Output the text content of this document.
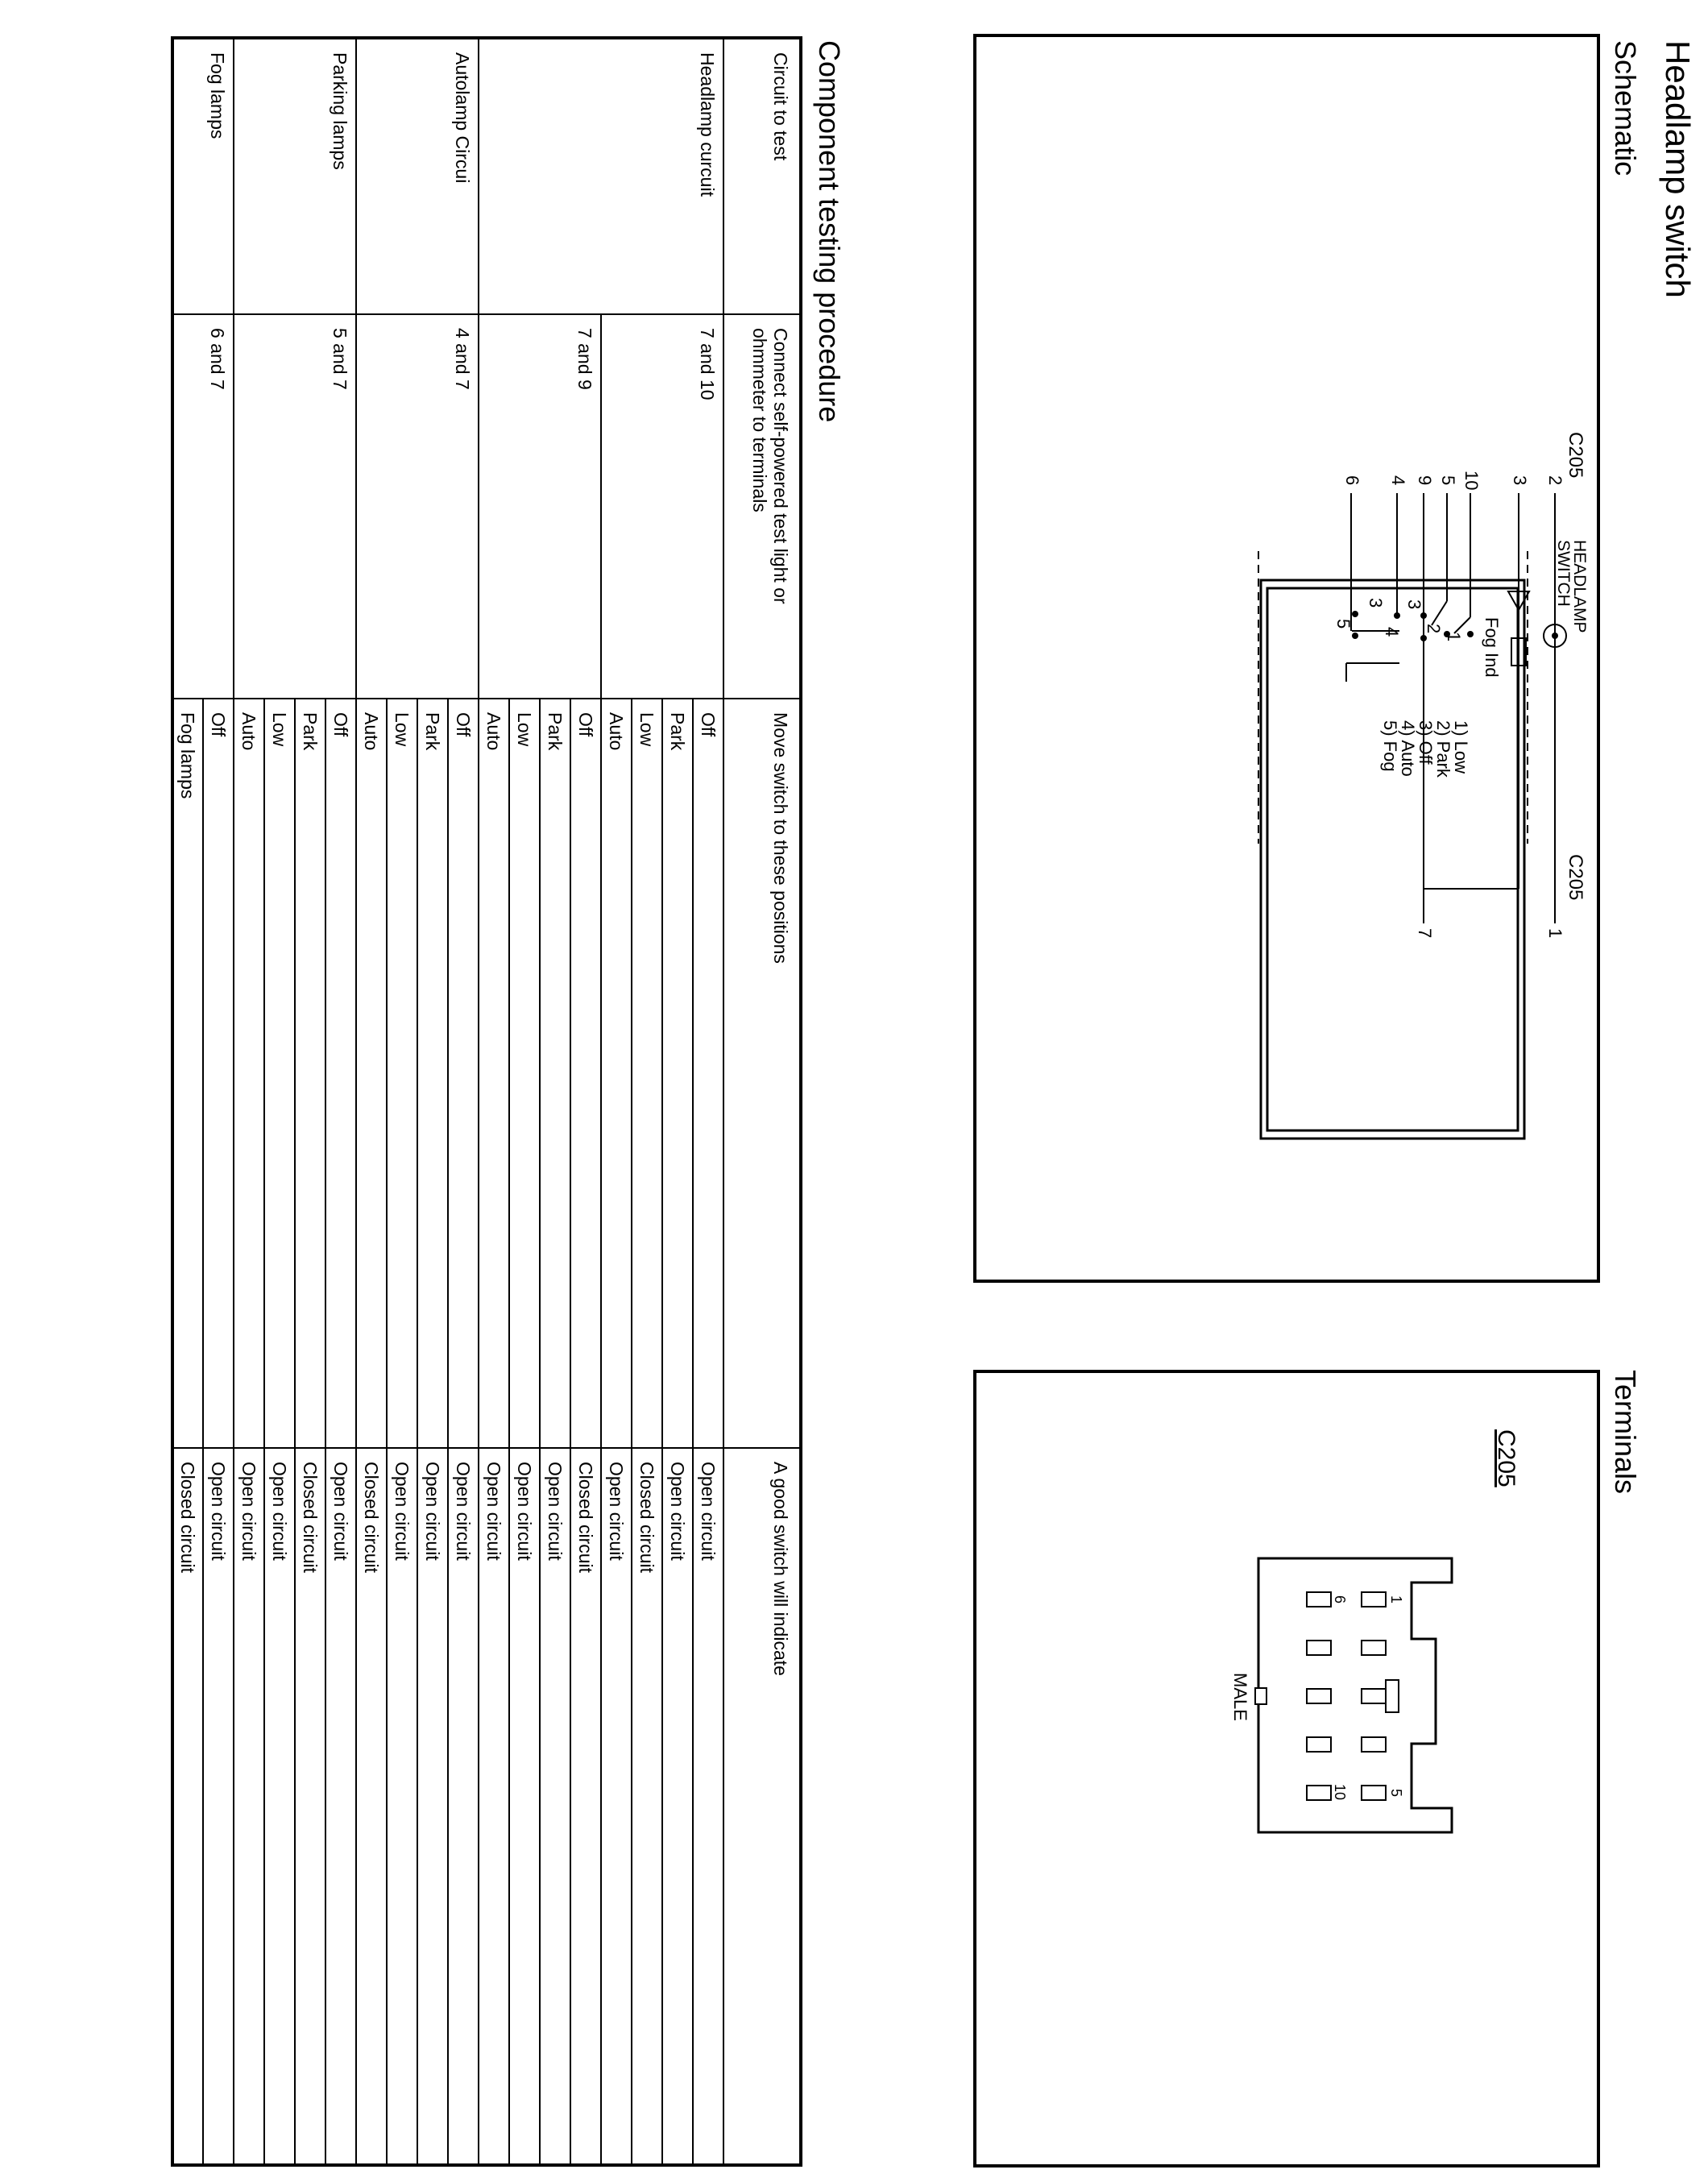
Headlamp switch
Schematic
C205
C205
2
3
10
5
9
4
6
1
7
1
2
3
4
3
5	Fog Ind
HEADLAMP
SWITCH
1) Low
2) Park
3) Off
4) Auto
5) Fog
Terminals
C205
1
5
6
10
MALE
Component testing procedure
Circuit to test	Connect self-powered test light or ohmmeter to terminals	Move switch to these positions	A good switch will indicate
Headlamp curcuit	7 and 10	Off	Open circuit
		Park	Open circuit
		Low	Closed circuit
		Auto	Open circuit
	7 and 9	Off	Closed circuit
		Park	Open circuit
		Low	Open circuit
		Auto	Open circuit
Autolamp Circui	4 and 7	Off	Open circuit
		Park	Open circuit
		Low	Open circuit
		Auto	Closed circuit
Parking lamps	5 and 7	Off	Open circuit
		Park	Closed circuit
		Low	Open circuit
		Auto	Open circuit
Fog lamps	6 and 7	Off	Open circuit
		Fog lamps	Closed circuit
